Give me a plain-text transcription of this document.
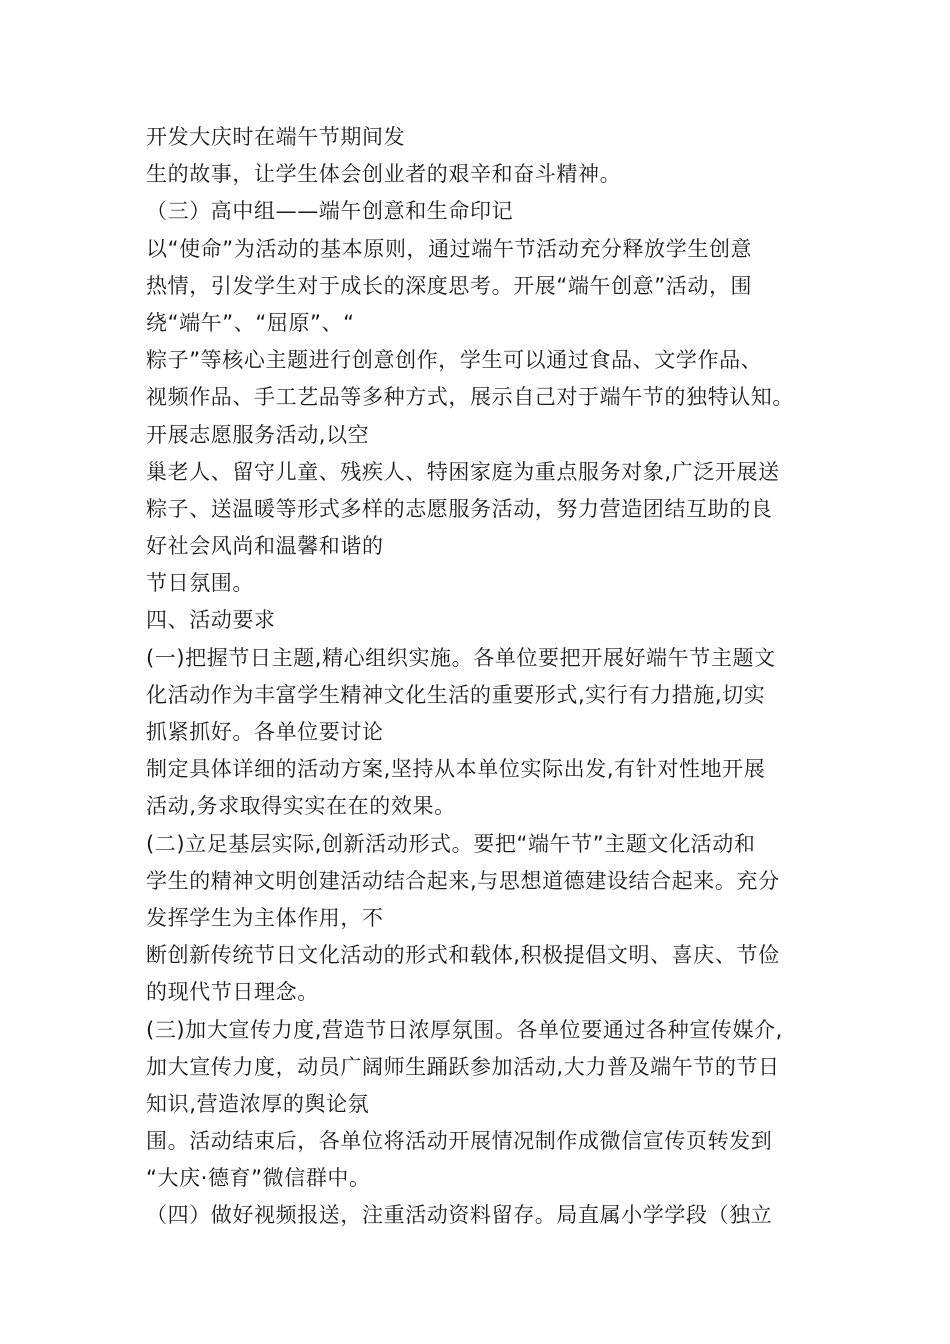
开发大庆时在端午节期间发
生的故事，让学生体会创业者的艰辛和奋斗精神。
（三）高中组——端午创意和生命印记
以“使命”为活动的基本原则，通过端午节活动充分释放学生创意
热情，引发学生对于成长的深度思考。开展“端午创意”活动，围
绕“端午”、“屈原”、“
粽子”等核心主题进行创意创作，学生可以通过食品、文学作品、
视频作品、手工艺品等多种方式，展示自己对于端午节的独特认知。
开展志愿服务活动,以空
巢老人、留守儿童、残疾人、特困家庭为重点服务对象,广泛开展送
粽子、送温暖等形式多样的志愿服务活动，努力营造团结互助的良
好社会风尚和温馨和谐的
节日氛围。
四、活动要求
(一)把握节日主题,精心组织实施。各单位要把开展好端午节主题文
化活动作为丰富学生精神文化生活的重要形式,实行有力措施,切实
抓紧抓好。各单位要讨论
制定具体详细的活动方案,坚持从本单位实际出发,有针对性地开展
活动,务求取得实实在在的效果。
(二)立足基层实际,创新活动形式。要把“端午节”主题文化活动和
学生的精神文明创建活动结合起来,与思想道德建设结合起来。充分
发挥学生为主体作用，不
断创新传统节日文化活动的形式和载体,积极提倡文明、喜庆、节俭
的现代节日理念。
(三)加大宣传力度,营造节日浓厚氛围。各单位要通过各种宣传媒介,
加大宣传力度，动员广阔师生踊跃参加活动,大力普及端午节的节日
知识,营造浓厚的舆论氛
围。活动结束后，各单位将活动开展情况制作成微信宣传页转发到
“大庆·德育”微信群中。
（四）做好视频报送，注重活动资料留存。局直属小学学段（独立
